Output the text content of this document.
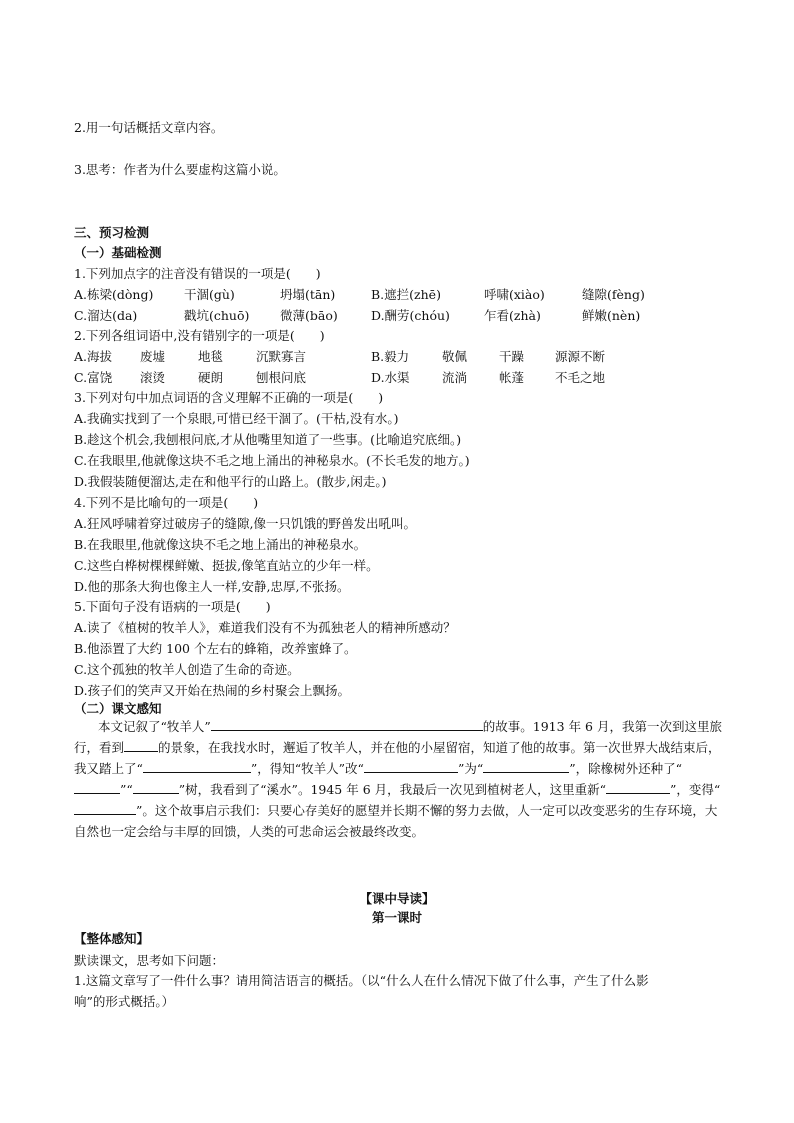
2.用一句话概括文章内容。
3.思考：作者为什么要虚构这篇小说。
三、预习检测
（一）基础检测
1.下列加点字的注音没有错误的一项是(　　)
A.栋梁(dòng) 干涸(gù)	坍塌(tān)	B.遮拦(zhē)	呼啸(xiào)	缝隙(fèng)
C.溜达(da)	戳坑(chuō) 微薄(bāo)	D.酬劳(chóu)	乍看(zhà)	鲜嫩(nèn)
2.下列各组词语中,没有错别字的一项是(　　)
A.海拔 废墟	地毯	沉默寡言	B.毅力	敬佩	干躁 源源不断
C.富饶 滚烫	硬朗	刨根问底	D.水渠	流淌	帐蓬 不毛之地
3.下列对句中加点词语的含义理解不正确的一项是(　　)
A.我确实找到了一个泉眼,可惜已经干涸了。(干枯,没有水。)
B.趁这个机会,我刨根问底,才从他嘴里知道了一些事。(比喻追究底细。)
C.在我眼里,他就像这块不毛之地上涌出的神秘泉水。(不长毛发的地方。)
D.我假装随便溜达,走在和他平行的山路上。(散步,闲走。)
4.下列不是比喻句的一项是(　　)
A.狂风呼啸着穿过破房子的缝隙,像一只饥饿的野兽发出吼叫。
B.在我眼里,他就像这块不毛之地上涌出的神秘泉水。
C.这些白桦树棵棵鲜嫩、挺拔,像笔直站立的少年一样。
D.他的那条大狗也像主人一样,安静,忠厚,不张扬。
5.下面句子没有语病的一项是(　　)
A.读了《植树的牧羊人》，难道我们没有不为孤独老人的精神所感动？
B.他添置了大约 100 个左右的蜂箱，改养蜜蜂了。
C.这个孤独的牧羊人创造了生命的奇迹。
D.孩子们的笑声又开始在热闹的乡村聚会上飘扬。
（二）课文感知
本文记叙了“牧羊人”	的故事。1913 年 6 月，我第一次到这里旅行，看到	的景象，在我找水时，邂逅了牧羊人，并在他的小屋留宿，知道了他的故事。第一次世界大战结束后，我又踏上了“	”，得知“牧羊人”改“	”为“	”，除橡树外还种了“”“	”树，我看到了“溪水”。1945 年 6 月，我最后一次见到植树老人，这里重新“	”，变得“”。这个故事启示我们：只要心存美好的愿望并长期不懈的努力去做，人一定可以改变恶劣的生存环境，大自然也一定会给与丰厚的回馈，人类的可悲命运会被最终改变。
【课中导读】
第一课时
【整体感知】
默读课文，思考如下问题：
1.这篇文章写了一件什么事？请用简洁语言的概括。（以“什么人在什么情况下做了什么事，产生了什么影
响”的形式概括。）
